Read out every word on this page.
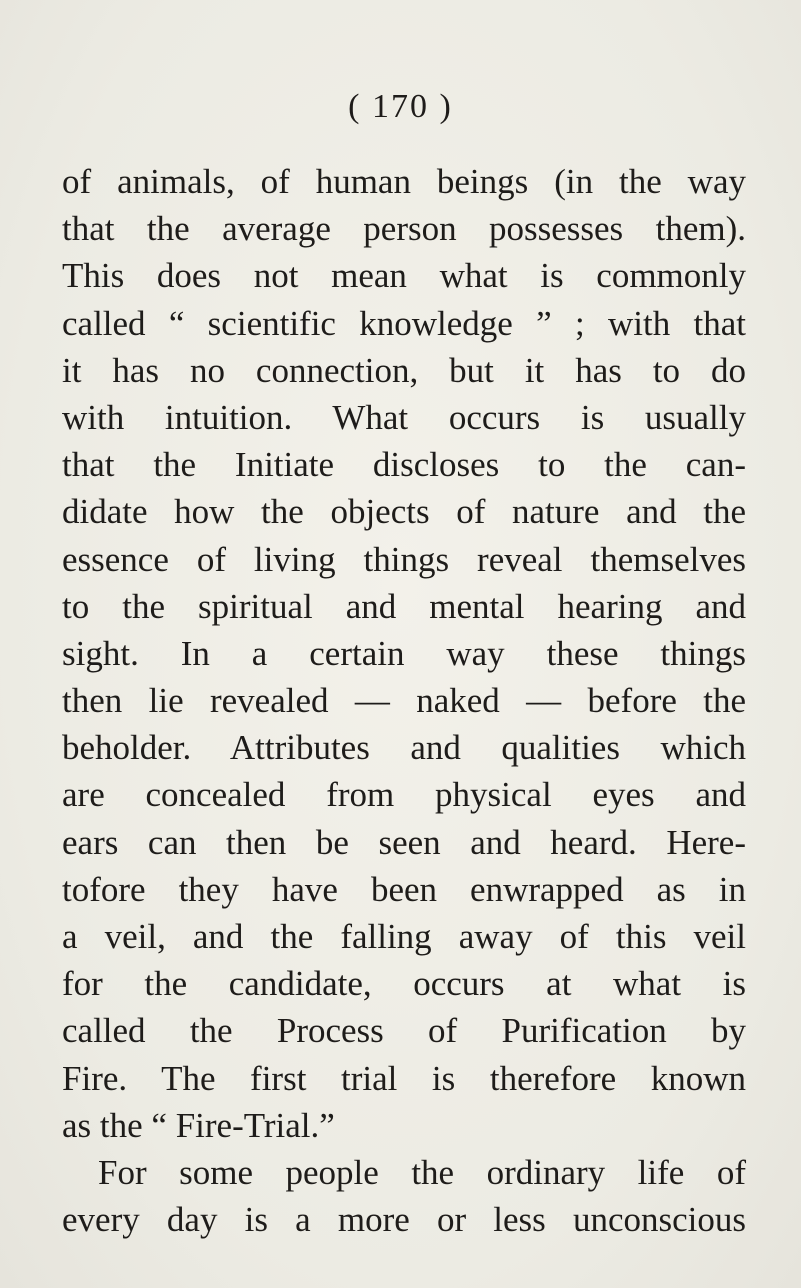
( 170 )
of animals, of human beings (in the way
that the average person possesses them).
This does not mean what is commonly
called “ scientific knowledge ” ; with that
it has no connection, but it has to do
with intuition. What occurs is usually
that the Initiate discloses to the can-
didate how the objects of nature and the
essence of living things reveal themselves
to the spiritual and mental hearing and
sight. In a certain way these things
then lie revealed — naked — before the
beholder. Attributes and qualities which
are concealed from physical eyes and
ears can then be seen and heard. Here-
tofore they have been enwrapped as in
a veil, and the falling away of this veil
for the candidate, occurs at what is
called the Process of Purification by
Fire. The first trial is therefore known
as the “ Fire-Trial.”
For some people the ordinary life of
every day is a more or less unconscious
